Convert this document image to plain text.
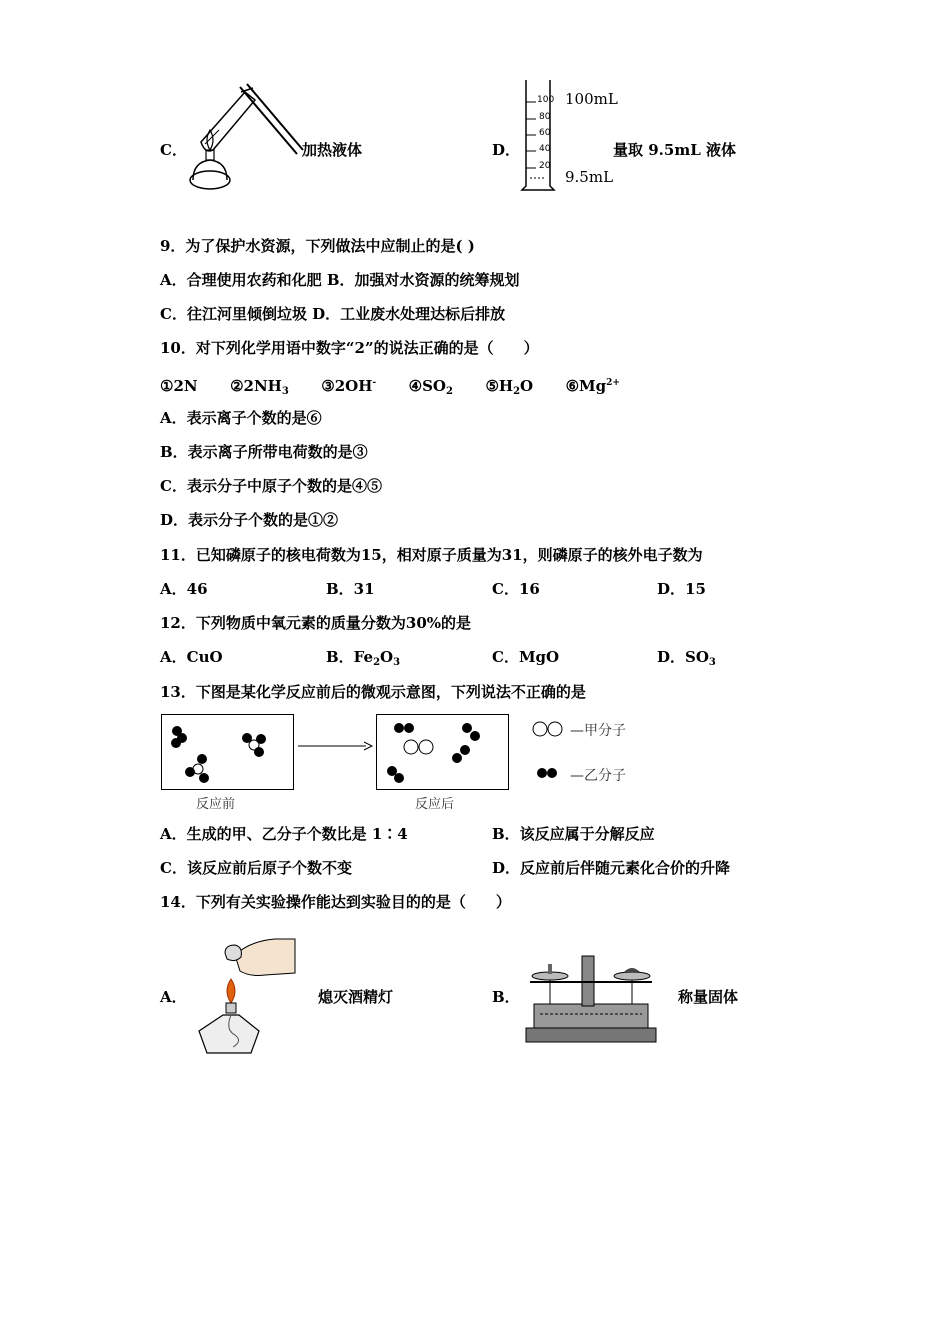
C．	加热液体	D．
100
80
60
40
20
100mL
9.5mL
量取 9.5mL 液体
9．为了保护水资源，下列做法中应制止的是( )
A．合理使用农药和化肥 B．加强对水资源的统筹规划
C．往江河里倾倒垃圾 D．工业废水处理达标后排放
10．对下列化学用语中数字“2”的说法正确的是（　　）
①2N $②2NH_3$ ③2OH- $④SO_2$ $⑤H_2O$ $⑥Mg^{2+}$
A．表示离子个数的是⑥
B．表示离子所带电荷数的是③
C．表示分子中原子个数的是④⑤
D．表示分子个数的是①②
11．已知磷原子的核电荷数为15，相对原子质量为31，则磷原子的核外电子数为
A．46	B．31	C．16	D．15
12．下列物质中氧元素的质量分数为30%的是
A．CuO	B．$Fe_2O_3$	C．MgO	D．$SO_3$
13．下图是某化学反应前后的微观示意图，下列说法不正确的是
反应前	反应后
—甲分子
—乙分子
A．生成的甲、乙分子个数比是 1∶4	B．该反应属于分解反应
C．该反应前后原子个数不变	D．反应前后伴随元素化合价的升降
14．下列有关实验操作能达到实验目的的是（　　）
A．	熄灭酒精灯	B．	称量固体
